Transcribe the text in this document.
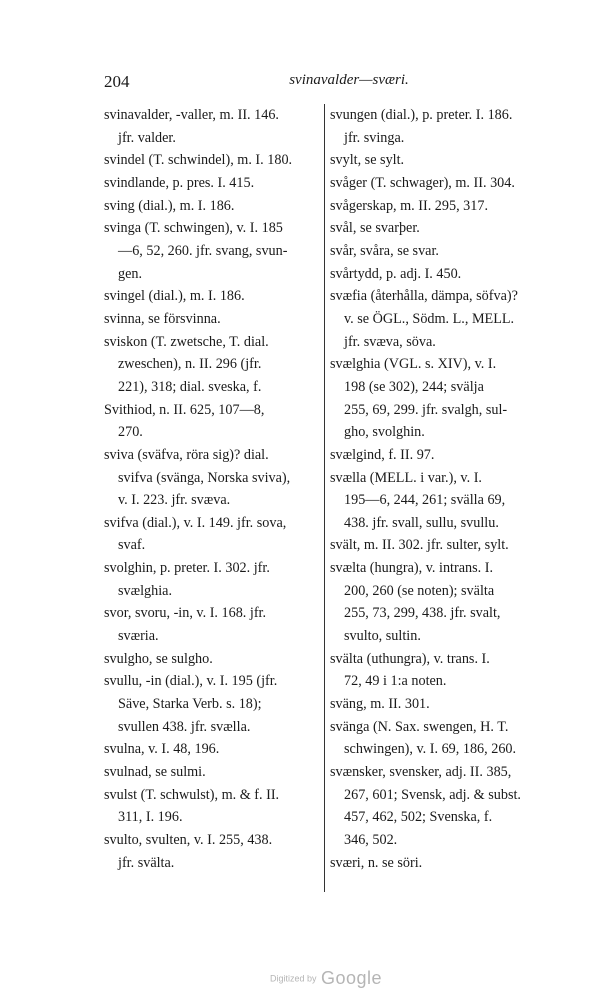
204	svinavalder—sværi.
svinavalder, -valler, m. II. 146.
jfr. valder.
svindel (T. schwindel), m. I. 180.
svindlande, p. pres. I. 415.
sving (dial.), m. I. 186.
svinga (T. schwingen), v. I. 185
—6, 52, 260. jfr. svang, svun-
gen.
svingel (dial.), m. I. 186.
svinna, se försvinna.
sviskon (T. zwetsche, T. dial.
zweschen), n. II. 296 (jfr.
221), 318; dial. sveska, f.
Svithiod, n. II. 625, 107—8,
270.
sviva (sväfva, röra sig)? dial.
svifva (svänga, Norska sviva),
v. I. 223. jfr. svæva.
svifva (dial.), v. I. 149. jfr. sova,
svaf.
svolghin, p. preter. I. 302. jfr.
svælghia.
svor, svoru, -in, v. I. 168. jfr.
sværia.
svulgho, se sulgho.
svullu, -in (dial.), v. I. 195 (jfr.
Säve, Starka Verb. s. 18);
svullen 438. jfr. svælla.
svulna, v. I. 48, 196.
svulnad, se sulmi.
svulst (T. schwulst), m. & f. II.
311, I. 196.
svulto, svulten, v. I. 255, 438.
jfr. svälta.
svungen (dial.), p. preter. I. 186.
jfr. svinga.
svylt, se sylt.
svåger (T. schwager), m. II. 304.
svågerskap, m. II. 295, 317.
svål, se svarþer.
svår, svåra, se svar.
svårtydd, p. adj. I. 450.
svæfia (återhålla, dämpa, söfva)?
v. se ÖGL., Södm. L., MELL.
jfr. svæva, söva.
svælghia (VGL. s. XIV), v. I.
198 (se 302), 244; svälja
255, 69, 299. jfr. svalgh, sul-
gho, svolghin.
svælgind, f. II. 97.
svælla (MELL. i var.), v. I.
195—6, 244, 261; svälla 69,
438. jfr. svall, sullu, svullu.
svält, m. II. 302. jfr. sulter, sylt.
svælta (hungra), v. intrans. I.
200, 260 (se noten); svälta
255, 73, 299, 438. jfr. svalt,
svulto, sultin.
svälta (uthungra), v. trans. I.
72, 49 i 1:a noten.
sväng, m. II. 301.
svänga (N. Sax. swengen, H. T.
schwingen), v. I. 69, 186, 260.
svænsker, svensker, adj. II. 385,
267, 601; Svensk, adj. & subst.
457, 462, 502; Svenska, f.
346, 502.
sværi, n. se söri.
Digitized by Google
